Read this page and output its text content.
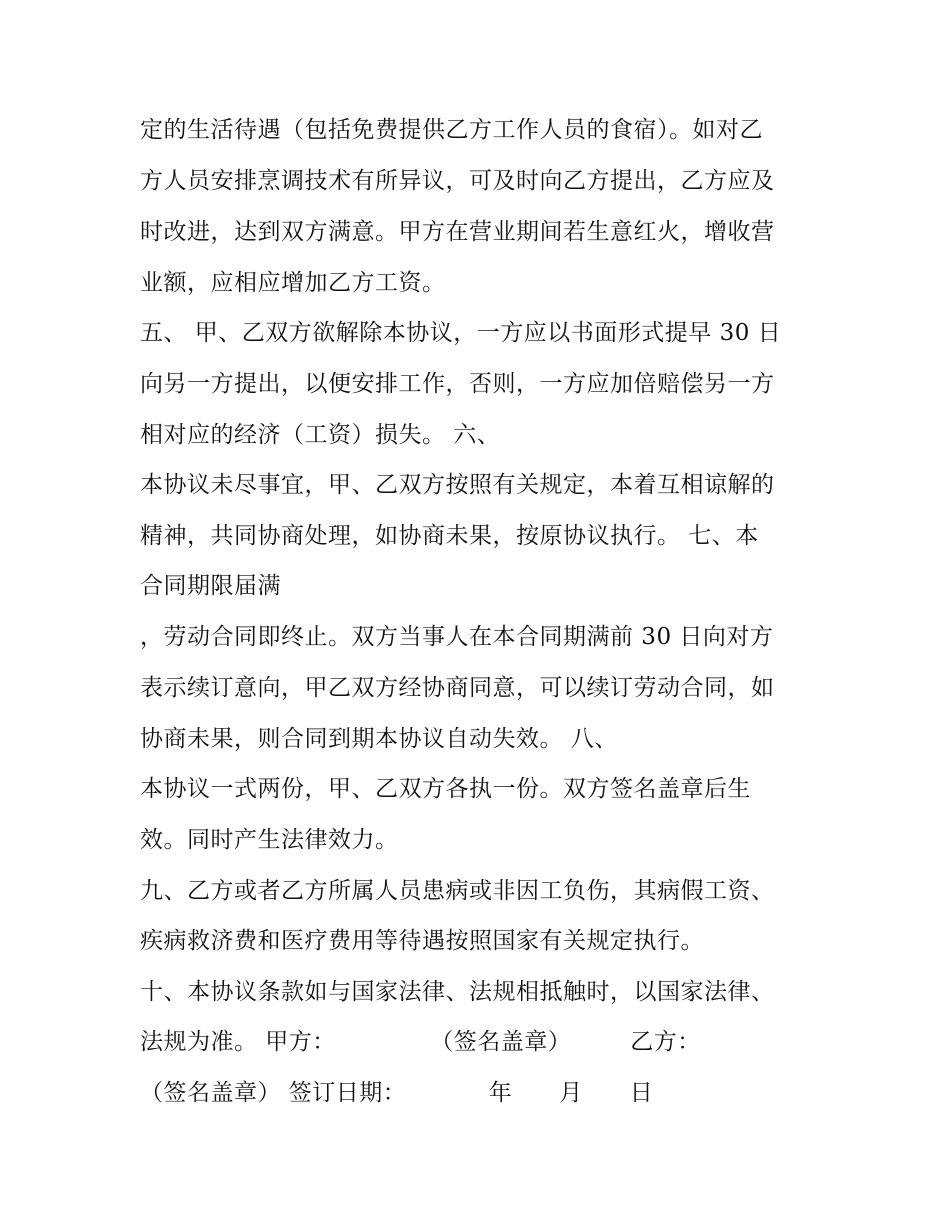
定的生活待遇（包括免费提供乙方工作人员的食宿）。如对乙
方人员安排烹调技术有所异议，可及时向乙方提出，乙方应及
时改进，达到双方满意。甲方在营业期间若生意红火，增收营
业额，应相应增加乙方工资。
五、 甲、乙双方欲解除本协议，一方应以书面形式提早 30 日
向另一方提出，以便安排工作，否则，一方应加倍赔偿另一方
相对应的经济（工资）损失。 六、
本协议未尽事宜，甲、乙双方按照有关规定，本着互相谅解的
精神，共同协商处理，如协商未果，按原协议执行。 七、本
合同期限届满
，劳动合同即终止。双方当事人在本合同期满前 30 日向对方
表示续订意向，甲乙双方经协商同意，可以续订劳动合同，如
协商未果，则合同到期本协议自动失效。 八、
本协议一式两份，甲、乙双方各执一份。双方签名盖章后生
效。同时产生法律效力。
九、乙方或者乙方所属人员患病或非因工负伤，其病假工资、
疾病救济费和医疗费用等待遇按照国家有关规定执行。
十、本协议条款如与国家法律、法规相抵触时，以国家法律、
法规为准。 甲方：　　　　　（签名盖章）　　　乙方：
（签名盖章） 签订日期：　　　　年　　月　　日
